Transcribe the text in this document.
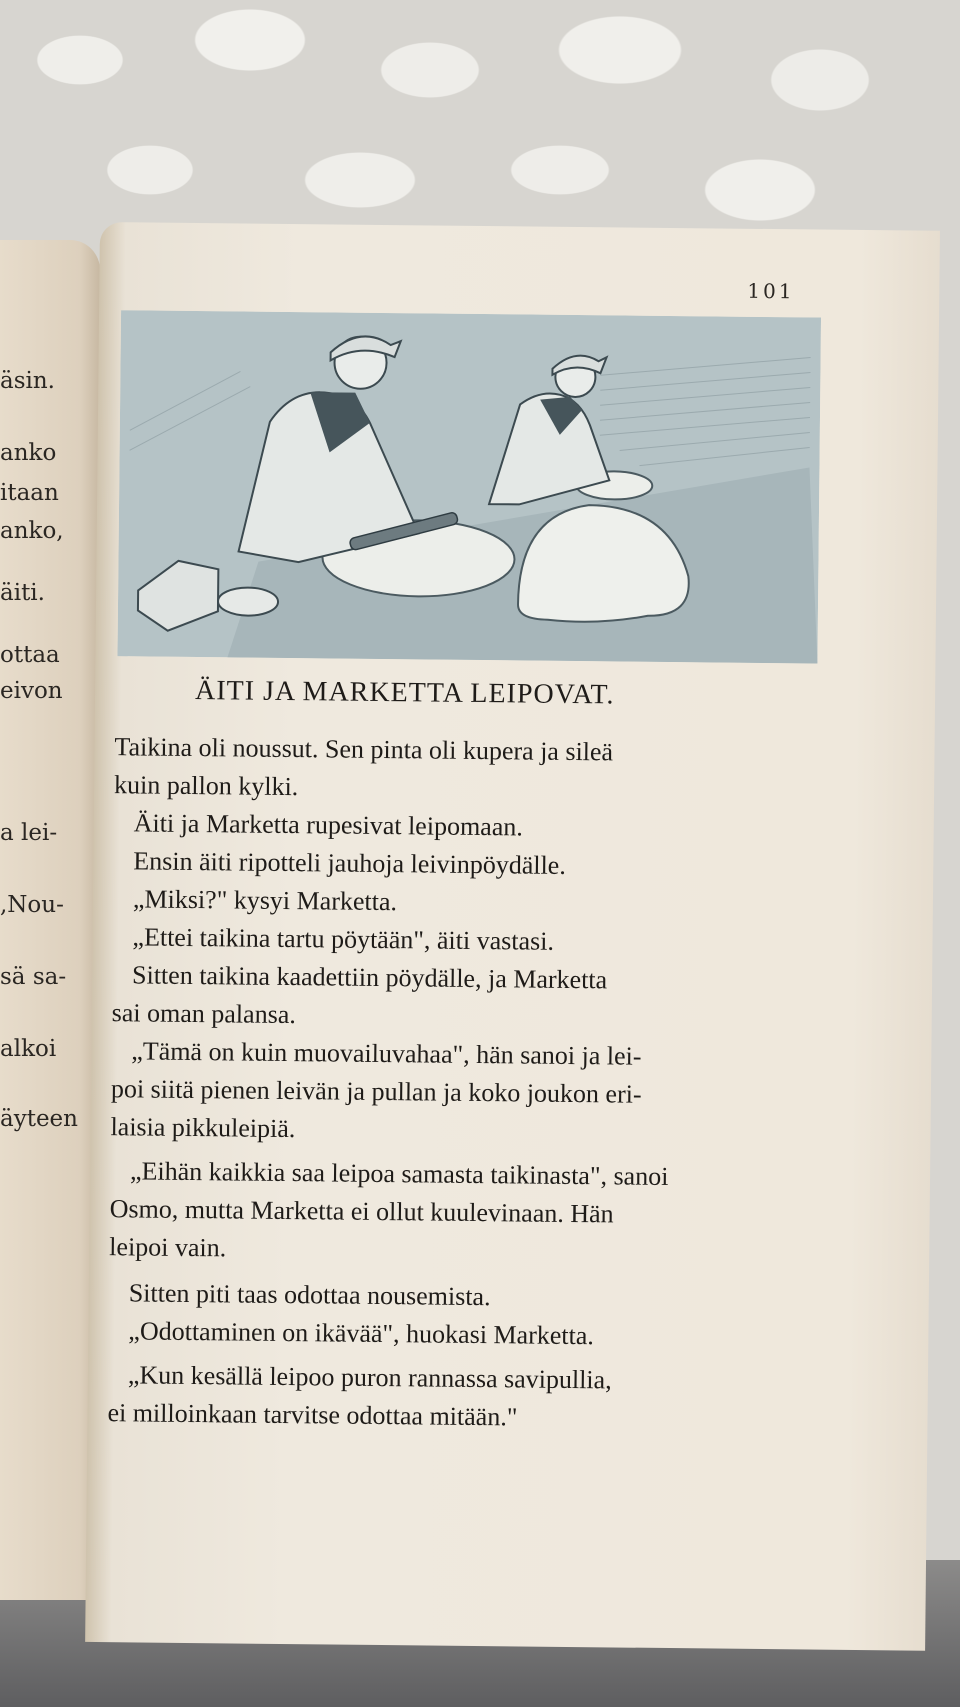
äsin.
anko
itaan
anko,
äiti.
ottaa
eivon
a lei-
,Nou-
sä sa-
alkoi
äyteen
101
ÄITI JA MARKETTA LEIPOVAT.

Taikina oli noussut. Sen pinta oli kupera ja sileä

kuin pallon kylki.

Äiti ja Marketta rupesivat leipomaan.

Ensin äiti ripotteli jauhoja leivinpöydälle.

„Miksi?" kysyi Marketta.

„Ettei taikina tartu pöytään", äiti vastasi.

Sitten taikina kaadettiin pöydälle, ja Marketta

sai oman palansa.

„Tämä on kuin muovailuvahaa", hän sanoi ja lei-

poi siitä pienen leivän ja pullan ja koko joukon eri-

laisia pikkuleipiä.

„Eihän kaikkia saa leipoa samasta taikinasta", sanoi

Osmo, mutta Marketta ei ollut kuulevinaan. Hän

leipoi vain.

Sitten piti taas odottaa nousemista.

„Odottaminen on ikävää", huokasi Marketta.

„Kun kesällä leipoo puron rannassa savipullia,

ei milloinkaan tarvitse odottaa mitään."
